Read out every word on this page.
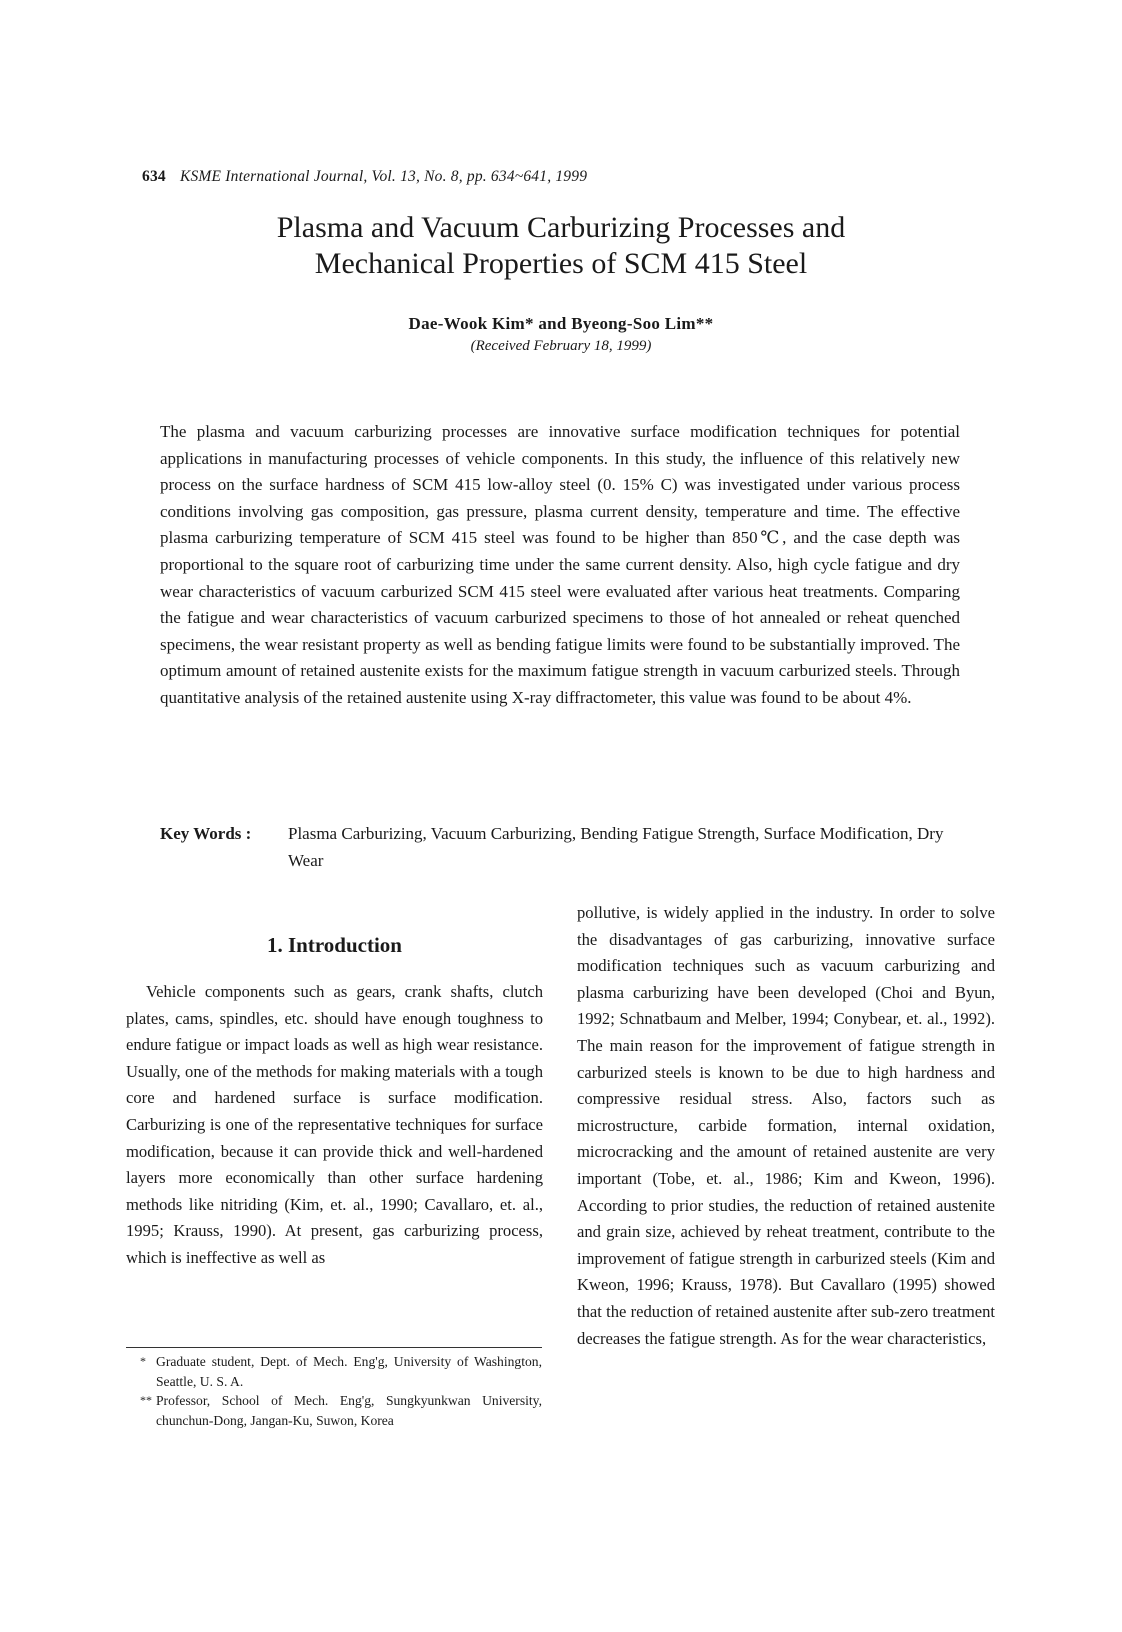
634 KSME International Journal, Vol. 13, No. 8, pp. 634~641, 1999
Plasma and Vacuum Carburizing Processes and
Mechanical Properties of SCM 415 Steel
Dae-Wook Kim* and Byeong-Soo Lim**
(Received February 18, 1999)

The plasma and vacuum carburizing processes are innovative surface modification techniques for potential applications in manufacturing processes of vehicle components. In this study, the influence of this relatively new process on the surface hardness of SCM 415 low-alloy steel (0. 15% C) was investigated under various process conditions involving gas composition, gas pressure, plasma current density, temperature and time. The effective plasma carburizing temperature of SCM 415 steel was found to be higher than 850℃, and the case depth was proportional to the square root of carburizing time under the same current density. Also, high cycle fatigue and dry wear characteristics of vacuum carburized SCM 415 steel were evaluated after various heat treatments. Comparing the fatigue and wear characteristics of vacuum carburized specimens to those of hot annealed or reheat quenched specimens, the wear resistant property as well as bending fatigue limits were found to be substantially improved. The optimum amount of retained austenite exists for the maximum fatigue strength in vacuum carburized steels. Through quantitative analysis of the retained austenite using X-ray diffractometer, this value was found to be about 4%.

Key Words :	Plasma Carburizing, Vacuum Carburizing, Bending Fatigue Strength, Surface Modification, Dry Wear
1. Introduction

Vehicle components such as gears, crank shafts, clutch plates, cams, spindles, etc. should have enough toughness to endure fatigue or impact loads as well as high wear resistance. Usually, one of the methods for making materials with a tough core and hardened surface is surface modification. Carburizing is one of the representative techniques for surface modification, because it can provide thick and well-hardened layers more economically than other surface hardening methods like nitriding (Kim, et. al., 1990; Cavallaro, et. al., 1995; Krauss, 1990). At present, gas carburizing process, which is ineffective as well as

pollutive, is widely applied in the industry. In order to solve the disadvantages of gas carburizing, innovative surface modification techniques such as vacuum carburizing and plasma carburizing have been developed (Choi and Byun, 1992; Schnatbaum and Melber, 1994; Conybear, et. al., 1992). The main reason for the improvement of fatigue strength in carburized steels is known to be due to high hardness and compressive residual stress. Also, factors such as microstructure, carbide formation, internal oxidation, microcracking and the amount of retained austenite are very important (Tobe, et. al., 1986; Kim and Kweon, 1996). According to prior studies, the reduction of retained austenite and grain size, achieved by reheat treatment, contribute to the improvement of fatigue strength in carburized steels (Kim and Kweon, 1996; Krauss, 1978). But Cavallaro (1995) showed that the reduction of retained austenite after sub-zero treatment decreases the fatigue strength. As for the wear characteristics,

* Graduate student, Dept. of Mech. Eng'g, University of Washington, Seattle, U. S. A.
** Professor, School of Mech. Eng'g, Sungkyunkwan University, chunchun-Dong, Jangan-Ku, Suwon, Korea
